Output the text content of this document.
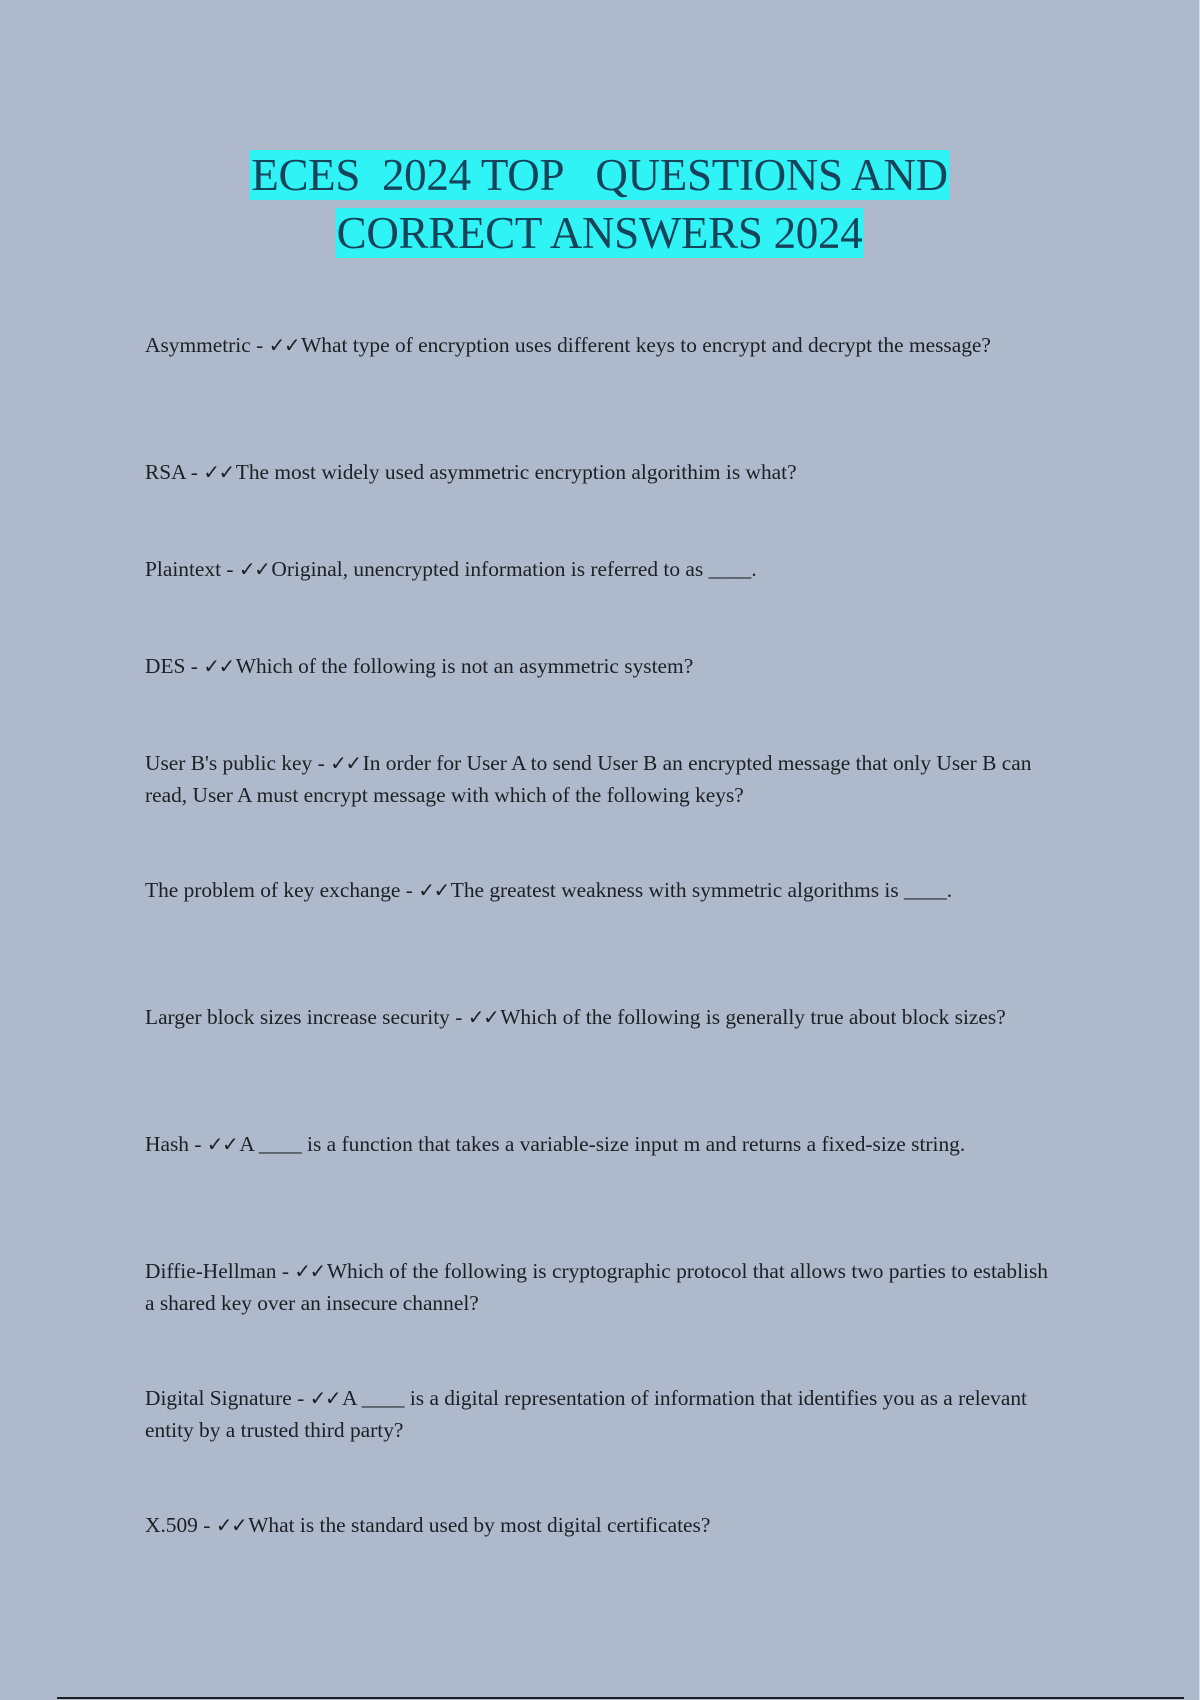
ECES  2024 TOP   QUESTIONS AND
CORRECT ANSWERS 2024

Asymmetric - ✓✓What type of encryption uses different keys to encrypt and decrypt the message?

RSA - ✓✓The most widely used asymmetric encryption algorithim is what?

Plaintext - ✓✓Original, unencrypted information is referred to as ____.

DES - ✓✓Which of the following is not an asymmetric system?

User B's public key - ✓✓In order for User A to send User B an encrypted message that only User B can read, User A must encrypt message with which of the following keys?

The problem of key exchange - ✓✓The greatest weakness with symmetric algorithms is ____.

Larger block sizes increase security - ✓✓Which of the following is generally true about block sizes?

Hash - ✓✓A ____ is a function that takes a variable-size input m and returns a fixed-size string.

Diffie-Hellman - ✓✓Which of the following is cryptographic protocol that allows two parties to establish a shared key over an insecure channel?

Digital Signature - ✓✓A ____ is a digital representation of information that identifies you as a relevant entity by a trusted third party?

X.509 - ✓✓What is the standard used by most digital certificates?
